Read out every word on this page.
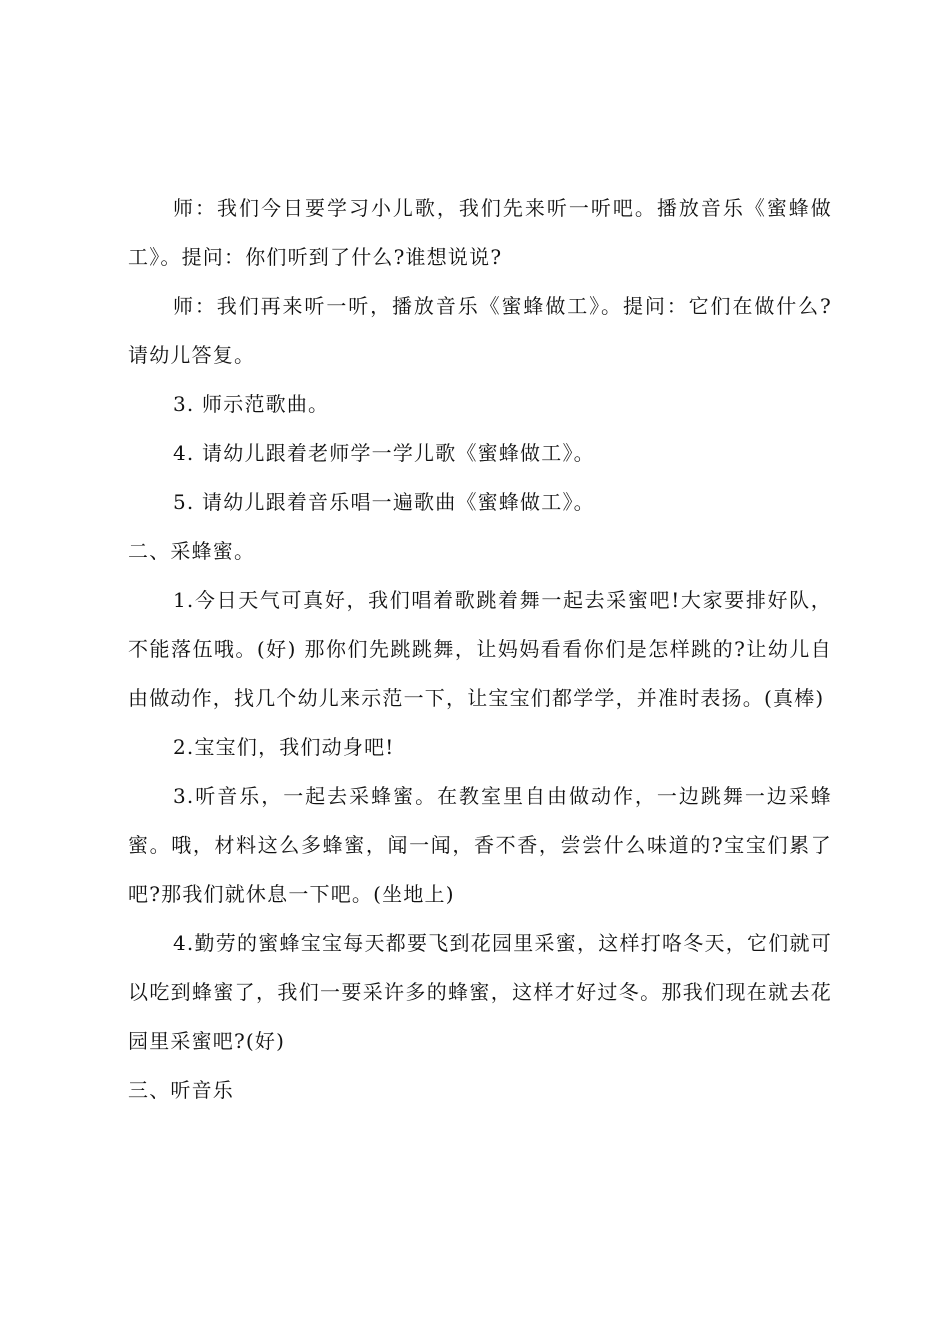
师：我们今日要学习小儿歌，我们先来听一听吧。播放音乐《蜜蜂做工》。提问：你们听到了什么?谁想说说?

师：我们再来听一听，播放音乐《蜜蜂做工》。提问：它们在做什么?请幼儿答复。

3. 师示范歌曲。

4. 请幼儿跟着老师学一学儿歌《蜜蜂做工》。

5. 请幼儿跟着音乐唱一遍歌曲《蜜蜂做工》。

二、采蜂蜜。

1.今日天气可真好，我们唱着歌跳着舞一起去采蜜吧!大家要排好队，不能落伍哦。(好) 那你们先跳跳舞，让妈妈看看你们是怎样跳的?让幼儿自由做动作，找几个幼儿来示范一下，让宝宝们都学学，并准时表扬。(真棒)

2.宝宝们，我们动身吧!

3.听音乐，一起去采蜂蜜。在教室里自由做动作，一边跳舞一边采蜂蜜。哦，材料这么多蜂蜜，闻一闻，香不香，尝尝什么味道的?宝宝们累了吧?那我们就休息一下吧。(坐地上)

4.勤劳的蜜蜂宝宝每天都要飞到花园里采蜜，这样打咯冬天，它们就可以吃到蜂蜜了，我们一要采许多的蜂蜜，这样才好过冬。那我们现在就去花园里采蜜吧?(好)

三、听音乐
